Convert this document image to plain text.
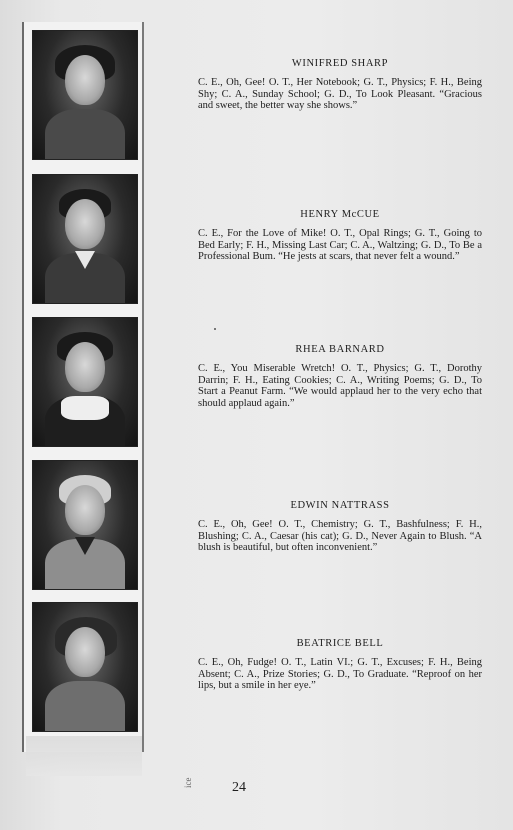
WINIFRED SHARP

C. E., Oh, Gee! O. T., Her Notebook; G. T., Physics; F. H., Being Shy; C. A., Sunday School; G. D., To Look Pleasant. “Gracious and sweet, the better way she shows.”

HENRY McCUE

C. E., For the Love of Mike! O. T., Opal Rings; G. T., Going to Bed Early; F. H., Missing Last Car; C. A., Waltzing; G. D., To Be a Professional Bum. “He jests at scars, that never felt a wound.”

RHEA BARNARD

C. E., You Miserable Wretch! O. T., Physics; G. T., Dorothy Darrin; F. H., Eating Cookies; C. A., Writing Poems; G. D., To Start a Peanut Farm. “We would applaud her to the very echo that should applaud again.”

EDWIN NATTRASS

C. E., Oh, Gee! O. T., Chemistry; G. T., Bashfulness; F. H., Blushing; C. A., Caesar (his cat); G. D., Never Again to Blush. “A blush is beautiful, but often inconvenient.”

BEATRICE BELL

C. E., Oh, Fudge! O. T., Latin VI.; G. T., Excuses; F. H., Being Absent; C. A., Prize Stories; G. D., To Graduate. “Reproof on her lips, but a smile in her eye.”

ice	24
